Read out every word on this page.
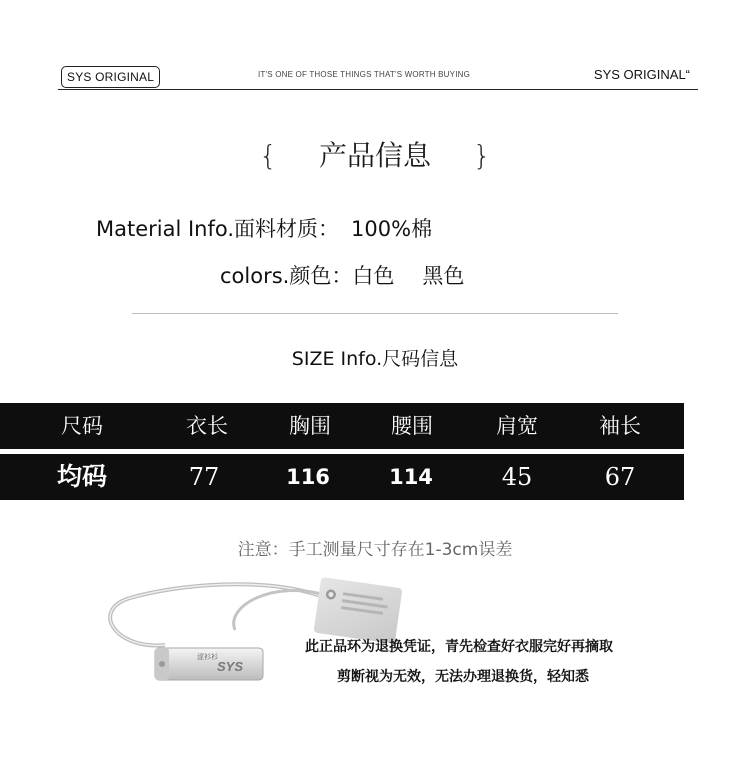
SYS ORIGINAL	IT'S ONE OF THOSE THINGS THAT'S WORTH BUYING	SYS ORIGINAL“
{ 产品信息 }
Material Info.面料材质： 100%棉
colors.颜色：白色 黑色
SIZE Info.尺码信息
尺码	衣长	胸围	腰围	肩宽	袖长
均码	77	116	114	45	67
注意：手工测量尺寸存在1-3cm误差
涩衫衫
SYS
此正品环为退换凭证，青先检查好衣服完好再摘取
剪断视为无效，无法办理退换货，轻知悉
